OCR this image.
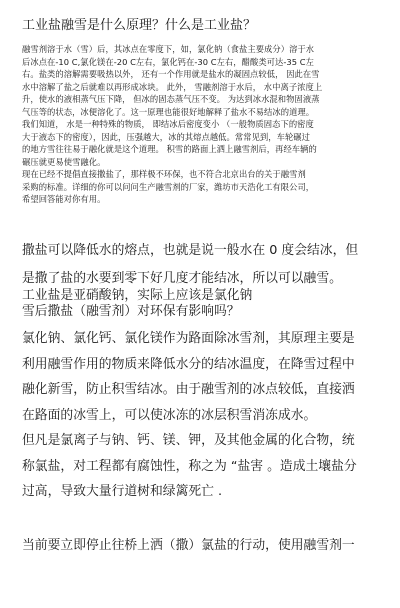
工业盐融雪是什么原理？什么是工业盐？

融雪剂溶于水（雪）后，其冰点在零度下，如，氯化钠（食盐主要成分）溶于水

后冰点在-10 C,氯化镁在-20 C左右，氯化钙在-30 C左右，醋酸类可达-35 C左

右。盐类的溶解需要吸热以外， 还有一个作用就是盐水的凝固点较低， 因此在雪

水中溶解了盐之后就难以再形成冰块。 此外， 雪融剂溶于水后， 水中离子浓度上

升，使水的液相蒸气压下降， 但冰的固态蒸气压不变。 为达到冰水混和物固液蒸

气压等的状态，冰便溶化了。这一原理也能很好地解释了盐水不易结冰的道理。

我们知道， 水是一种特殊的物质， 即结冰后密度变小 （一般物质固态下的密度

大于液态下的密度），因此，压强越大，冰的其熔点越低。常常见到，车轮碾过

的地方雪往往易于融化就是这个道理。 积雪的路面上洒上融雪剂后，再经车辆的

碾压就更易使雪融化。

现在已经不提倡直接撒盐了，那样极不环保，也不符合北京出台的关于融雪剂

采购的标准。详细的你可以问问生产融雪剂的厂家，潍坊市天浩化工有限公司，

希望回答能对你有用。

撒盐可以降低水的熔点，也就是说一般水在 0 度会结冰，但

是撒了盐的水要到零下好几度才能结冰，所以可以融雪。

工业盐是亚硝酸钠，实际上应该是氯化钠

雪后撒盐（融雪剂）对环保有影响吗？

氯化钠、氯化钙、氯化镁作为路面除冰雪剂，其原理主要是

利用融雪作用的物质来降低水分的结冰温度，在降雪过程中

融化新雪，防止积雪结冰。由于融雪剂的冰点较低，直接洒

在路面的冰雪上，可以使冰冻的冰层积雪消冻成水。

但凡是氯离子与钠、钙、镁、钾，及其他金属的化合物，统

称氯盐，对工程都有腐蚀性，称之为 “盐害 。造成土壤盐分

过高，导致大量行道树和绿篱死亡 .

当前要立即停止往桥上洒（撒）氯盐的行动，使用融雪剂一
